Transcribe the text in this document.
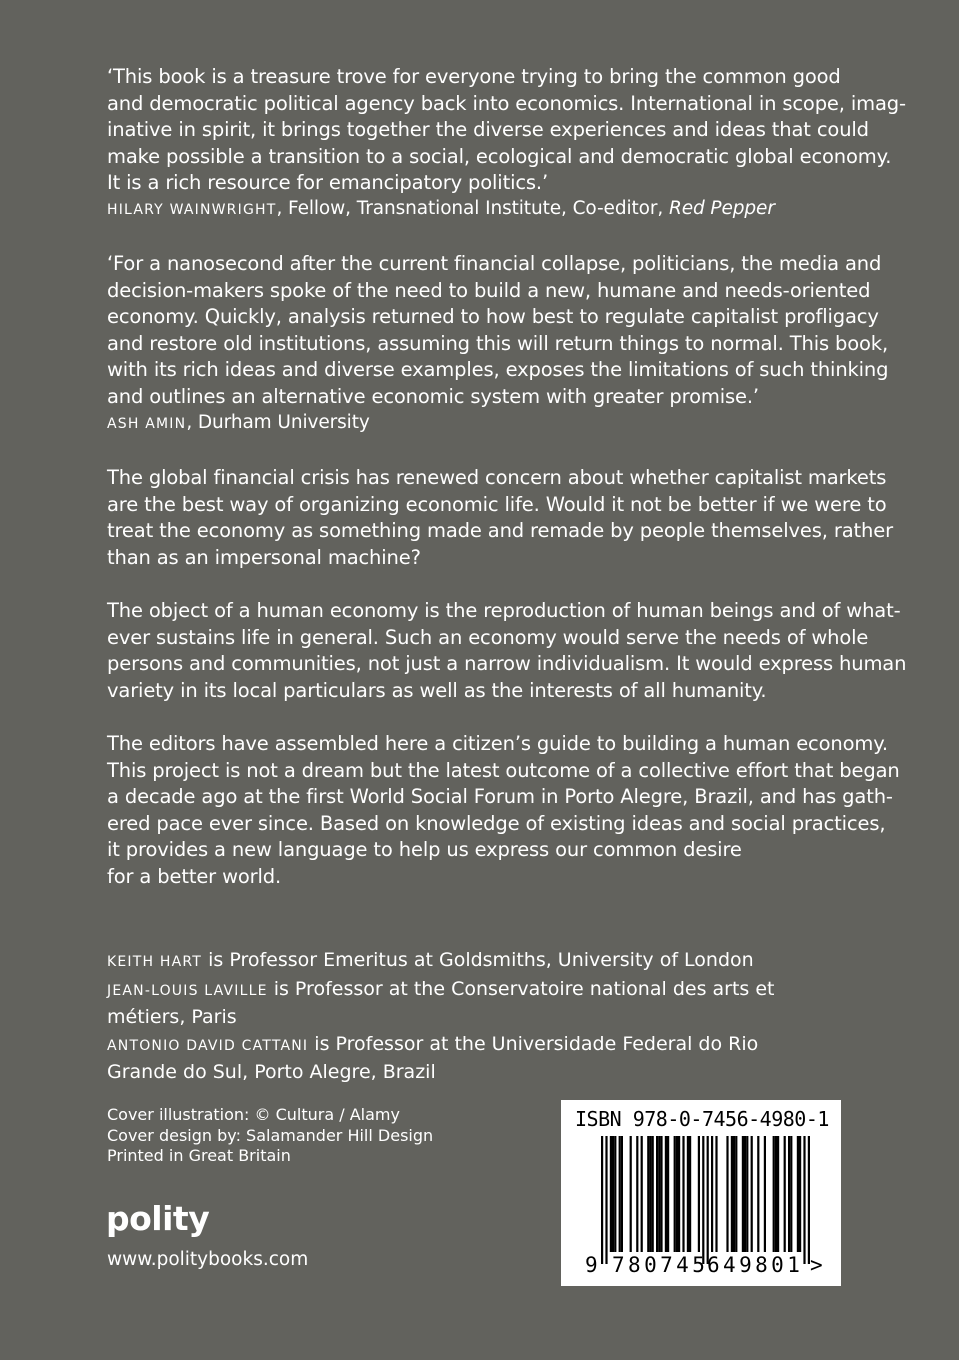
‘This book is a treasure trove for everyone trying to bring the common good
and democratic political agency back into economics. International in scope, imag-
inative in spirit, it brings together the diverse experiences and ideas that could
make possible a transition to a social, ecological and democratic global economy.
It is a rich resource for emancipatory politics.’

HILARY WAINWRIGHT, Fellow, Transnational Institute, Co-editor, Red Pepper

‘For a nanosecond after the current financial collapse, politicians, the media and
decision-makers spoke of the need to build a new, humane and needs-oriented
economy. Quickly, analysis returned to how best to regulate capitalist profligacy
and restore old institutions, assuming this will return things to normal. This book,
with its rich ideas and diverse examples, exposes the limitations of such thinking
and outlines an alternative economic system with greater promise.’

ASH AMIN, Durham University

The global financial crisis has renewed concern about whether capitalist markets
are the best way of organizing economic life. Would it not be better if we were to
treat the economy as something made and remade by people themselves, rather
than as an impersonal machine?

The object of a human economy is the reproduction of human beings and of what-
ever sustains life in general. Such an economy would serve the needs of whole
persons and communities, not just a narrow individualism. It would express human
variety in its local particulars as well as the interests of all humanity.

The editors have assembled here a citizen’s guide to building a human economy.
This project is not a dream but the latest outcome of a collective effort that began
a decade ago at the first World Social Forum in Porto Alegre, Brazil, and has gath-
ered pace ever since. Based on knowledge of existing ideas and social practices,
it provides a new language to help us express our common desire
for a better world.

KEITH HART is Professor Emeritus at Goldsmiths, University of London
JEAN-LOUIS LAVILLE is Professor at the Conservatoire national des arts et
métiers, Paris
ANTONIO DAVID CATTANI is Professor at the Universidade Federal do Rio
Grande do Sul, Porto Alegre, Brazil

Cover illustration: © Cultura / Alamy
Cover design by: Salamander Hill Design
Printed in Great Britain

polity

www.politybooks.com

ISBN 978-0-7456-4980-1

9 780745

649801 >
